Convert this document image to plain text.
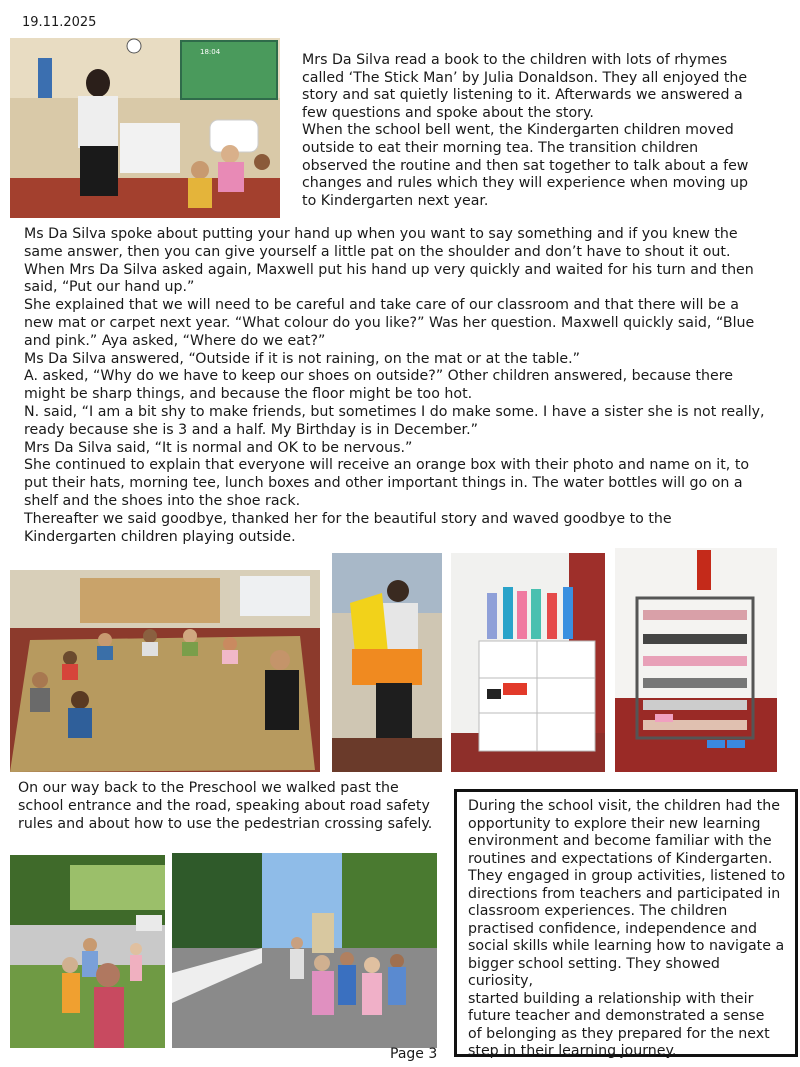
19.11.2025
18:04	Mrs Da Silva read a book to the children with lots of rhymes
called ‘The Stick Man’ by Julia Donaldson. They all enjoyed the
story and sat quietly listening to it. Afterwards we answered a
few questions and spoke about the story.
When the school bell went, the Kindergarten children moved
outside to eat their morning tea. The transition children
observed the routine and then sat together to talk about a few
changes and rules which they will experience when moving up
to Kindergarten next year.
Ms Da Silva spoke about putting your hand up when you want to say something and if you knew the
same answer, then you can give yourself a little pat on the shoulder and don’t have to shout it out.
When Mrs Da Silva asked again, Maxwell put his hand up very quickly and waited for his turn and then
said, “Put our hand up.”
She explained that we will need to be careful and take care of our classroom and that there will be a
new mat or carpet next year. “What colour do you like?” Was her question. Maxwell quickly said, “Blue
and pink.” Aya asked, “Where do we eat?”
Ms Da Silva answered, “Outside if it is not raining, on the mat or at the table.”
A. asked, “Why do we have to keep our shoes on outside?” Other children answered, because there
might be sharp things, and because the floor might be too hot.
N. said, “I am a bit shy to make friends, but sometimes I do make some. I have a sister she is not really,
ready because she is 3 and a half. My Birthday is in December.”
Mrs Da Silva said, “It is normal and OK to be nervous.”
She continued to explain that everyone will receive an orange box with their photo and name on it, to
put their hats, morning tee, lunch boxes and other important things in. The water bottles will go on a
shelf and the shoes into the shoe rack.
Thereafter we said goodbye, thanked her for the beautiful story and waved goodbye to the
Kindergarten children playing outside.
On our way back to the Preschool we walked past the
school entrance and the road, speaking about road safety
rules and about how to use the pedestrian crossing safely.
During the school visit, the children had the
opportunity to explore their new learning
environment and become familiar with the
routines and expectations of Kindergarten.
They engaged in group activities, listened to
directions from teachers and participated in
classroom experiences. The children
practised confidence, independence and
social skills while learning how to navigate a
bigger school setting. They showed curiosity,
started building a relationship with their
future teacher and demonstrated a sense
of belonging as they prepared for the next
step in their learning journey.
Page 3
